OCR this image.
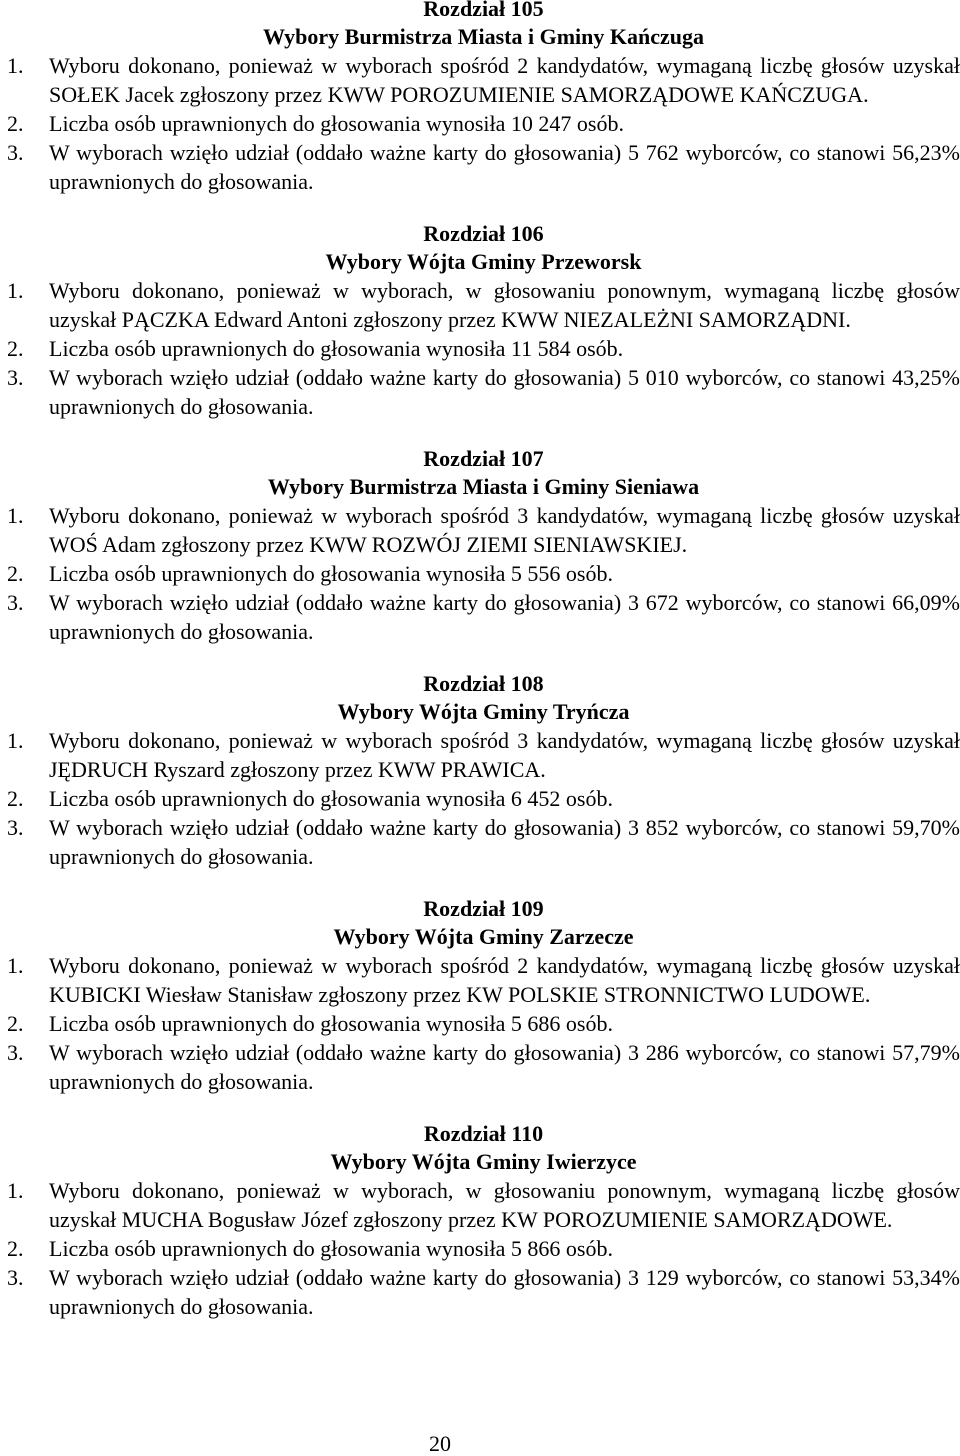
Rozdział 105

Wybory Burmistrza Miasta i Gminy Kańczuga

1. Wyboru dokonano, ponieważ w wyborach spośród 2 kandydatów, wymaganą liczbę głosów uzyskał SOŁEK Jacek zgłoszony przez KWW POROZUMIENIE SAMORZĄDOWE KAŃCZUGA.

2. Liczba osób uprawnionych do głosowania wynosiła 10 247 osób.

3. W wyborach wzięło udział (oddało ważne karty do głosowania) 5 762 wyborców, co stanowi 56,23% uprawnionych do głosowania.

Rozdział 106

Wybory Wójta Gminy Przeworsk

1. Wyboru dokonano, ponieważ w wyborach, w głosowaniu ponownym, wymaganą liczbę głosów uzyskał PĄCZKA Edward Antoni zgłoszony przez KWW NIEZALEŻNI SAMORZĄDNI.

2. Liczba osób uprawnionych do głosowania wynosiła 11 584 osób.

3. W wyborach wzięło udział (oddało ważne karty do głosowania) 5 010 wyborców, co stanowi 43,25% uprawnionych do głosowania.

Rozdział 107

Wybory Burmistrza Miasta i Gminy Sieniawa

1. Wyboru dokonano, ponieważ w wyborach spośród 3 kandydatów, wymaganą liczbę głosów uzyskał WOŚ Adam zgłoszony przez KWW ROZWÓJ ZIEMI SIENIAWSKIEJ.

2. Liczba osób uprawnionych do głosowania wynosiła 5 556 osób.

3. W wyborach wzięło udział (oddało ważne karty do głosowania) 3 672 wyborców, co stanowi 66,09% uprawnionych do głosowania.

Rozdział 108

Wybory Wójta Gminy Tryńcza

1. Wyboru dokonano, ponieważ w wyborach spośród 3 kandydatów, wymaganą liczbę głosów uzyskał JĘDRUCH Ryszard zgłoszony przez KWW PRAWICA.

2. Liczba osób uprawnionych do głosowania wynosiła 6 452 osób.

3. W wyborach wzięło udział (oddało ważne karty do głosowania) 3 852 wyborców, co stanowi 59,70% uprawnionych do głosowania.

Rozdział 109

Wybory Wójta Gminy Zarzecze

1. Wyboru dokonano, ponieważ w wyborach spośród 2 kandydatów, wymaganą liczbę głosów uzyskał KUBICKI Wiesław Stanisław zgłoszony przez KW POLSKIE STRONNICTWO LUDOWE.

2. Liczba osób uprawnionych do głosowania wynosiła 5 686 osób.

3. W wyborach wzięło udział (oddało ważne karty do głosowania) 3 286 wyborców, co stanowi 57,79% uprawnionych do głosowania.

Rozdział 110

Wybory Wójta Gminy Iwierzyce

1. Wyboru dokonano, ponieważ w wyborach, w głosowaniu ponownym, wymaganą liczbę głosów uzyskał MUCHA Bogusław Józef zgłoszony przez KW POROZUMIENIE SAMORZĄDOWE.

2. Liczba osób uprawnionych do głosowania wynosiła 5 866 osób.

3. W wyborach wzięło udział (oddało ważne karty do głosowania) 3 129 wyborców, co stanowi 53,34% uprawnionych do głosowania.

20
